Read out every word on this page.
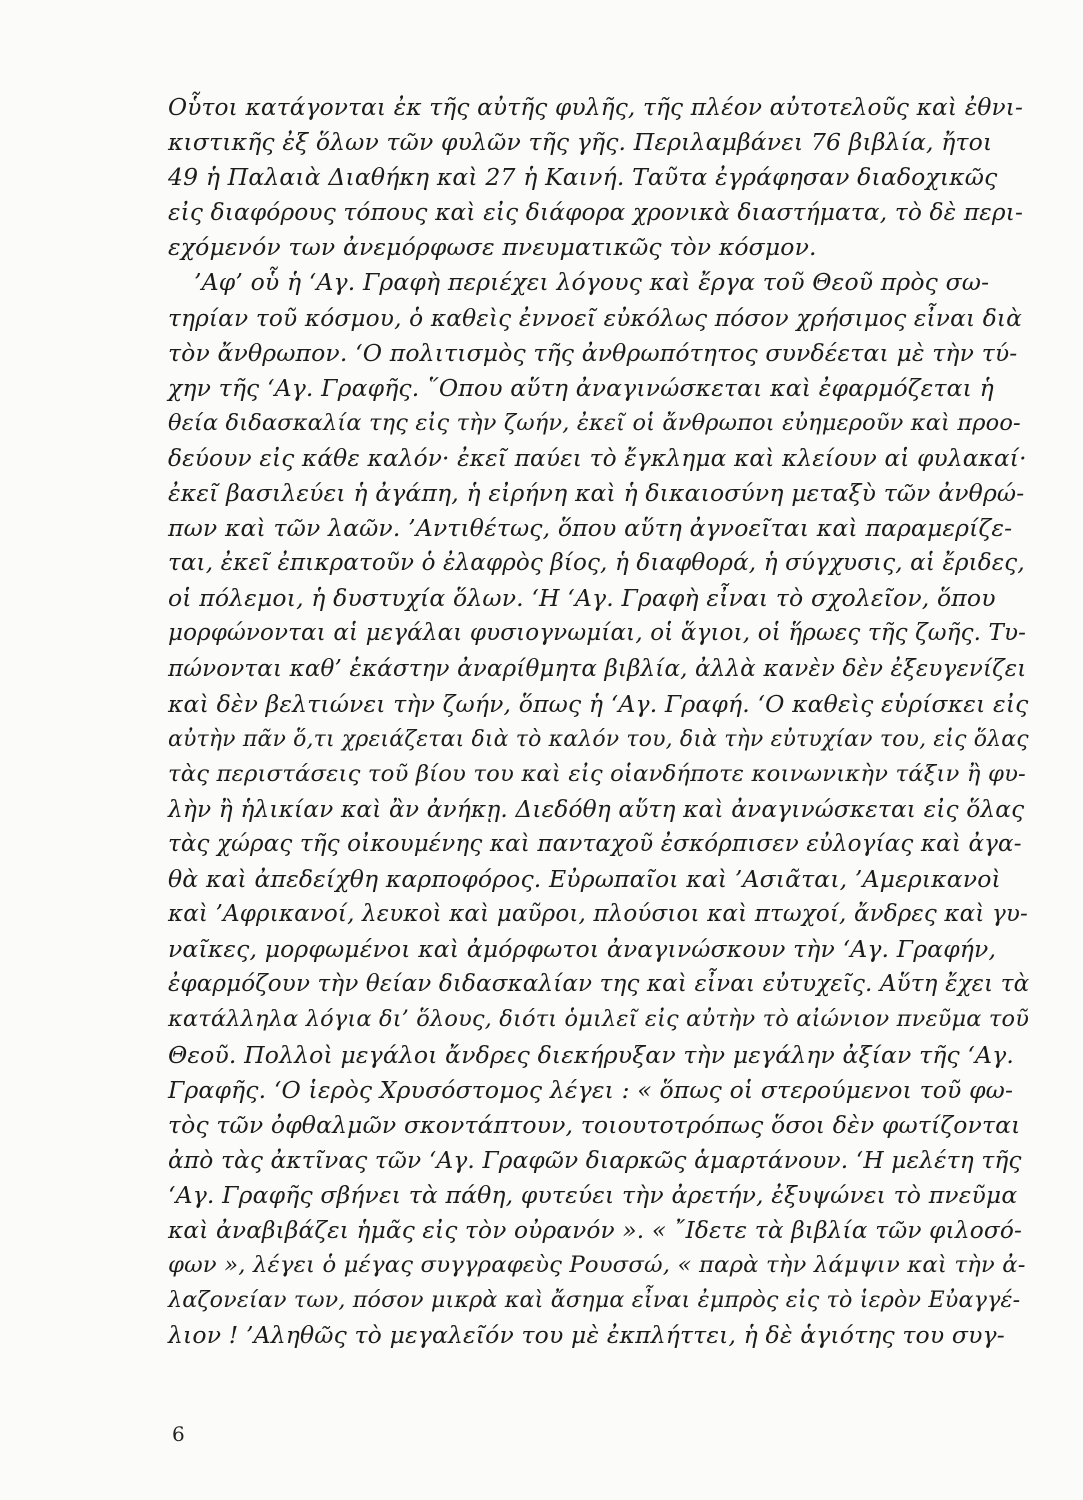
Οὗτοι κατάγονται ἐκ τῆς αὐτῆς φυλῆς, τῆς πλέον αὐτοτελοῦς καὶ ἐθνι-
κιστικῆς ἐξ ὅλων τῶν φυλῶν τῆς γῆς. Περιλαμβάνει 76 βιβλία, ἤτοι
49 ἡ Παλαιὰ Διαθήκη καὶ 27 ἡ Καινή. Ταῦτα ἐγράφησαν διαδοχικῶς
εἰς διαφόρους τόπους καὶ εἰς διάφορα χρονικὰ διαστήματα, τὸ δὲ περι-
εχόμενόν των ἀνεμόρφωσε πνευματικῶς τὸν κόσμον.
’Αφ’ οὗ ἡ ‘Αγ. Γραφὴ περιέχει λόγους καὶ ἔργα τοῦ Θεοῦ πρὸς σω-
τηρίαν τοῦ κόσμου, ὁ καθεὶς ἐννοεῖ εὐκόλως πόσον χρήσιμος εἶναι διὰ
τὸν ἄνθρωπον. ‘Ο πολιτισμὸς τῆς ἀνθρωπότητος συνδέεται μὲ τὴν τύ-
χην τῆς ‘Αγ. Γραφῆς. ῞Οπου αὕτη ἀναγινώσκεται καὶ ἐφαρμόζεται ἡ
θεία διδασκαλία της εἰς τὴν ζωήν, ἐκεῖ οἱ ἄνθρωποι εὐημεροῦν καὶ προο-
δεύουν εἰς κάθε καλόν· ἐκεῖ παύει τὸ ἔγκλημα καὶ κλείουν αἱ φυλακαί·
ἐκεῖ βασιλεύει ἡ ἀγάπη, ἡ εἰρήνη καὶ ἡ δικαιοσύνη μεταξὺ τῶν ἀνθρώ-
πων καὶ τῶν λαῶν. ’Αντιθέτως, ὅπου αὕτη ἀγνοεῖται καὶ παραμερίζε-
ται, ἐκεῖ ἐπικρατοῦν ὁ ἐλαφρὸς βίος, ἡ διαφθορά, ἡ σύγχυσις, αἱ ἔριδες,
οἱ πόλεμοι, ἡ δυστυχία ὅλων. ‘Η ‘Αγ. Γραφὴ εἶναι τὸ σχολεῖον, ὅπου
μορφώνονται αἱ μεγάλαι φυσιογνωμίαι, οἱ ἅγιοι, οἱ ἥρωες τῆς ζωῆς. Τυ-
πώνονται καθ’ ἑκάστην ἀναρίθμητα βιβλία, ἀλλὰ κανὲν δὲν ἐξευγενίζει
καὶ δὲν βελτιώνει τὴν ζωήν, ὅπως ἡ ‘Αγ. Γραφή. ‘Ο καθεὶς εὑρίσκει εἰς
αὐτὴν πᾶν ὅ,τι χρειάζεται διὰ τὸ καλόν του, διὰ τὴν εὐτυχίαν του, εἰς ὅλας
τὰς περιστάσεις τοῦ βίου του καὶ εἰς οἱανδήποτε κοινωνικὴν τάξιν ἢ φυ-
λὴν ἢ ἡλικίαν καὶ ἂν ἀνήκῃ. Διεδόθη αὕτη καὶ ἀναγινώσκεται εἰς ὅλας
τὰς χώρας τῆς οἰκουμένης καὶ πανταχοῦ ἐσκόρπισεν εὐλογίας καὶ ἀγα-
θὰ καὶ ἀπεδείχθη καρποφόρος. Εὐρωπαῖοι καὶ ’Ασιᾶται, ’Αμερικανοὶ
καὶ ’Αφρικανοί, λευκοὶ καὶ μαῦροι, πλούσιοι καὶ πτωχοί, ἄνδρες καὶ γυ-
ναῖκες, μορφωμένοι καὶ ἀμόρφωτοι ἀναγινώσκουν τὴν ‘Αγ. Γραφήν,
ἐφαρμόζουν τὴν θείαν διδασκαλίαν της καὶ εἶναι εὐτυχεῖς. Αὕτη ἔχει τὰ
κατάλληλα λόγια δι’ ὅλους, διότι ὁμιλεῖ εἰς αὐτὴν τὸ αἰώνιον πνεῦμα τοῦ
Θεοῦ. Πολλοὶ μεγάλοι ἄνδρες διεκήρυξαν τὴν μεγάλην ἀξίαν τῆς ‘Αγ.
Γραφῆς. ‘Ο ἱερὸς Χρυσόστομος λέγει : « ὅπως οἱ στερούμενοι τοῦ φω-
τὸς τῶν ὀφθαλμῶν σκοντάπτουν, τοιουτοτρόπως ὅσοι δὲν φωτίζονται
ἀπὸ τὰς ἀκτῖνας τῶν ‘Αγ. Γραφῶν διαρκῶς ἁμαρτάνουν. ‘Η μελέτη τῆς
‘Αγ. Γραφῆς σβήνει τὰ πάθη, φυτεύει τὴν ἀρετήν, ἐξυψώνει τὸ πνεῦμα
καὶ ἀναβιβάζει ἡμᾶς εἰς τὸν οὐρανόν ». « ῎Ιδετε τὰ βιβλία τῶν φιλοσό-
φων », λέγει ὁ μέγας συγγραφεὺς Ρουσσώ, « παρὰ τὴν λάμψιν καὶ τὴν ἀ-
λαζονείαν των, πόσον μικρὰ καὶ ἄσημα εἶναι ἐμπρὸς εἰς τὸ ἱερὸν Εὐαγγέ-
λιον ! ’Αληθῶς τὸ μεγαλεῖόν του μὲ ἐκπλήττει, ἡ δὲ ἁγιότης του συγ-
6
